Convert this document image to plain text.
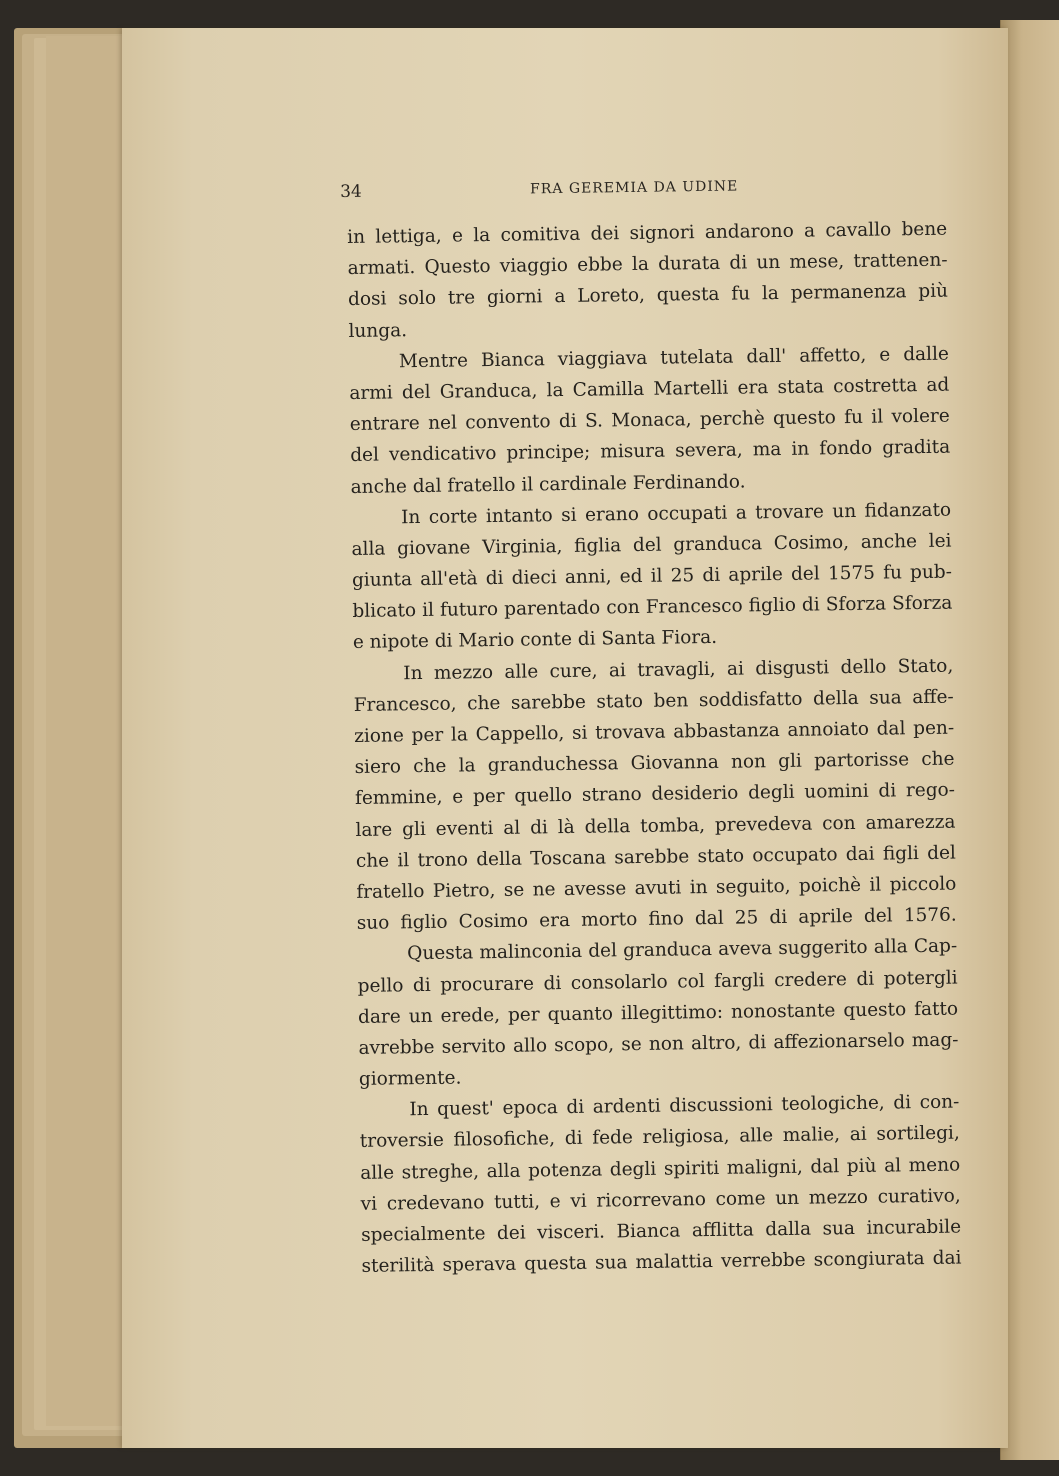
34	FRA GEREMIA DA UDINE
in lettiga, e la comitiva dei signori andarono a cavallo bene
armati. Questo viaggio ebbe la durata di un mese, trattenen-
dosi solo tre giorni a Loreto, questa fu la permanenza più
lunga.
Mentre Bianca viaggiava tutelata dall' affetto, e dalle
armi del Granduca, la Camilla Martelli era stata costretta ad
entrare nel convento di S. Monaca, perchè questo fu il volere
del vendicativo principe; misura severa, ma in fondo gradita
anche dal fratello il cardinale Ferdinando.
In corte intanto si erano occupati a trovare un fidanzato
alla giovane Virginia, figlia del granduca Cosimo, anche lei
giunta all'età di dieci anni, ed il 25 di aprile del 1575 fu pub-
blicato il futuro parentado con Francesco figlio di Sforza Sforza
e nipote di Mario conte di Santa Fiora.
In mezzo alle cure, ai travagli, ai disgusti dello Stato,
Francesco, che sarebbe stato ben soddisfatto della sua affe-
zione per la Cappello, si trovava abbastanza annoiato dal pen-
siero che la granduchessa Giovanna non gli partorisse che
femmine, e per quello strano desiderio degli uomini di rego-
lare gli eventi al di là della tomba, prevedeva con amarezza
che il trono della Toscana sarebbe stato occupato dai figli del
fratello Pietro, se ne avesse avuti in seguito, poichè il piccolo
suo figlio Cosimo era morto fino dal 25 di aprile del 1576.
Questa malinconia del granduca aveva suggerito alla Cap-
pello di procurare di consolarlo col fargli credere di potergli
dare un erede, per quanto illegittimo: nonostante questo fatto
avrebbe servito allo scopo, se non altro, di affezionarselo mag-
giormente.
In quest' epoca di ardenti discussioni teologiche, di con-
troversie filosofiche, di fede religiosa, alle malie, ai sortilegi,
alle streghe, alla potenza degli spiriti maligni, dal più al meno
vi credevano tutti, e vi ricorrevano come un mezzo curativo,
specialmente dei visceri. Bianca afflitta dalla sua incurabile
sterilità sperava questa sua malattia verrebbe scongiurata dai
